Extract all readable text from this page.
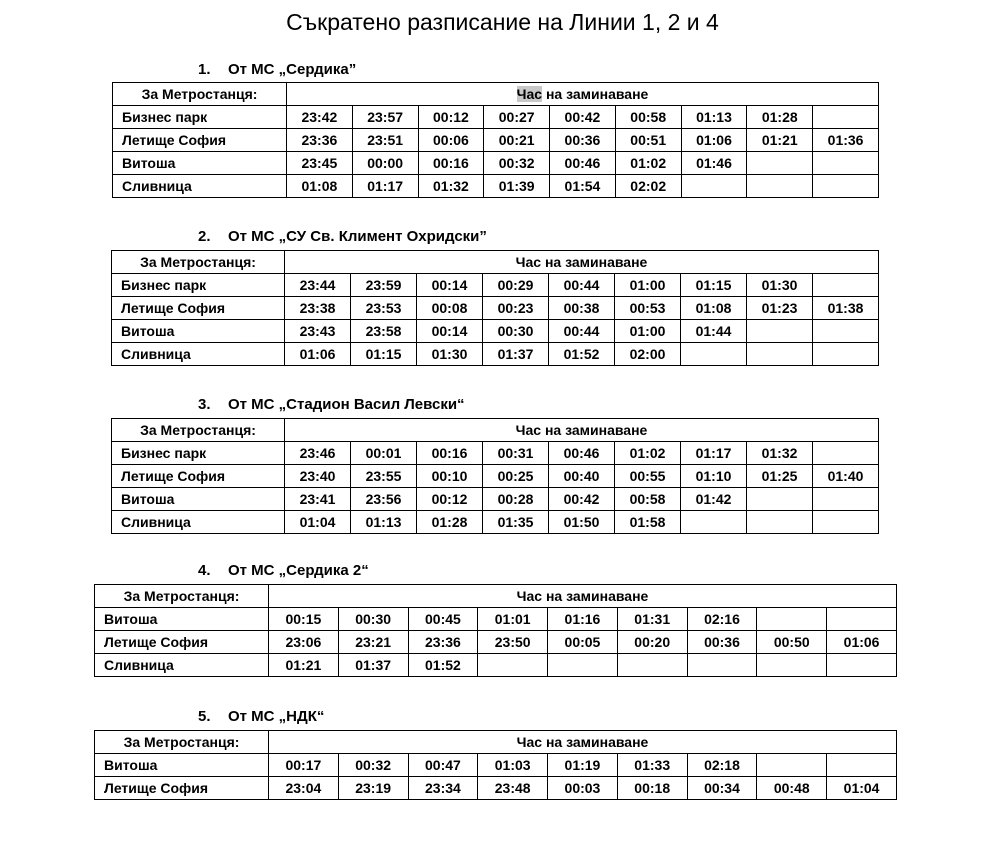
Съкратено разписание на Линии 1, 2 и 4
1. От МС „Сердика”
За Метростанця:	Час на заминаване								
Бизнес парк	23:42	23:57	00:12	00:27	00:42	00:58	01:13	01:28	
Летище София	23:36	23:51	00:06	00:21	00:36	00:51	01:06	01:21	01:36
Витоша	23:45	00:00	00:16	00:32	00:46	01:02	01:46		
Сливница	01:08	01:17	01:32	01:39	01:54	02:02			
2. От МС „СУ Св. Климент Охридски”
За Метростанця:	Час на заминаване								
Бизнес парк	23:44	23:59	00:14	00:29	00:44	01:00	01:15	01:30	
Летище София	23:38	23:53	00:08	00:23	00:38	00:53	01:08	01:23	01:38
Витоша	23:43	23:58	00:14	00:30	00:44	01:00	01:44		
Сливница	01:06	01:15	01:30	01:37	01:52	02:00			
3. От МС „Стадион Васил Левски“
За Метростанця:	Час на заминаване								
Бизнес парк	23:46	00:01	00:16	00:31	00:46	01:02	01:17	01:32	
Летище София	23:40	23:55	00:10	00:25	00:40	00:55	01:10	01:25	01:40
Витоша	23:41	23:56	00:12	00:28	00:42	00:58	01:42		
Сливница	01:04	01:13	01:28	01:35	01:50	01:58			
4. От МС „Сердика 2“
За Метростанця:	Час на заминаване								
Витоша	00:15	00:30	00:45	01:01	01:16	01:31	02:16		
Летище София	23:06	23:21	23:36	23:50	00:05	00:20	00:36	00:50	01:06
Сливница	01:21	01:37	01:52						
5. От МС „НДК“
За Метростанця:	Час на заминаване								
Витоша	00:17	00:32	00:47	01:03	01:19	01:33	02:18		
Летище София	23:04	23:19	23:34	23:48	00:03	00:18	00:34	00:48	01:04
